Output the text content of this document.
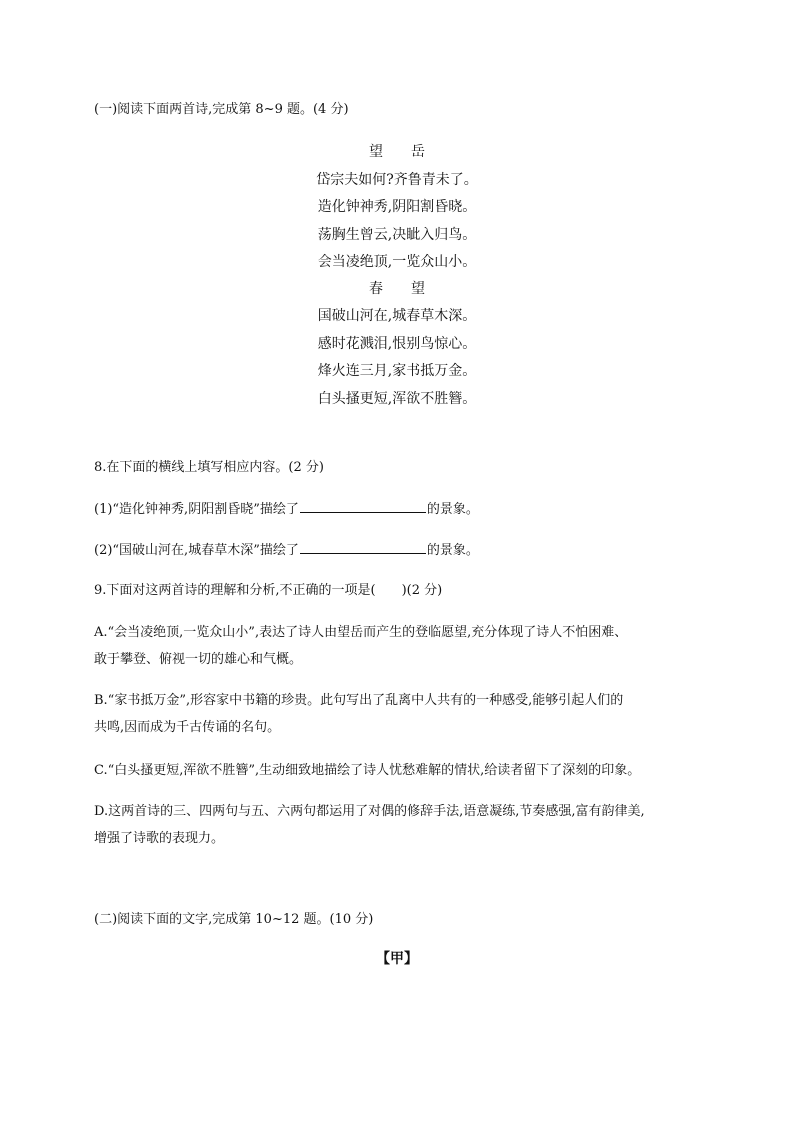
(一)阅读下面两首诗,完成第 8~9 题。(4 分)
望 岳
岱宗夫如何?齐鲁青未了。
造化钟神秀,阴阳割昏晓。
荡胸生曾云,决眦入归鸟。
会当凌绝顶,一览众山小。
春 望
国破山河在,城春草木深。
感时花溅泪,恨别鸟惊心。
烽火连三月,家书抵万金。
白头搔更短,浑欲不胜簪。
8.在下面的横线上填写相应内容。(2 分)
(1)“造化钟神秀,阴阳割昏晓”描绘了	的景象。
(2)“国破山河在,城春草木深”描绘了	的景象。
9.下面对这两首诗的理解和分析,不正确的一项是( )(2 分)
A.“会当凌绝顶,一览众山小”,表达了诗人由望岳而产生的登临愿望,充分体现了诗人不怕困难、
敢于攀登、俯视一切的雄心和气概。
B.“家书抵万金”,形容家中书籍的珍贵。此句写出了乱离中人共有的一种感受,能够引起人们的
共鸣,因而成为千古传诵的名句。
C.“白头搔更短,浑欲不胜簪”,生动细致地描绘了诗人忧愁难解的情状,给读者留下了深刻的印象。
D.这两首诗的三、四两句与五、六两句都运用了对偶的修辞手法,语意凝练,节奏感强,富有韵律美,
增强了诗歌的表现力。
(二)阅读下面的文字,完成第 10~12 题。(10 分)
【甲】
